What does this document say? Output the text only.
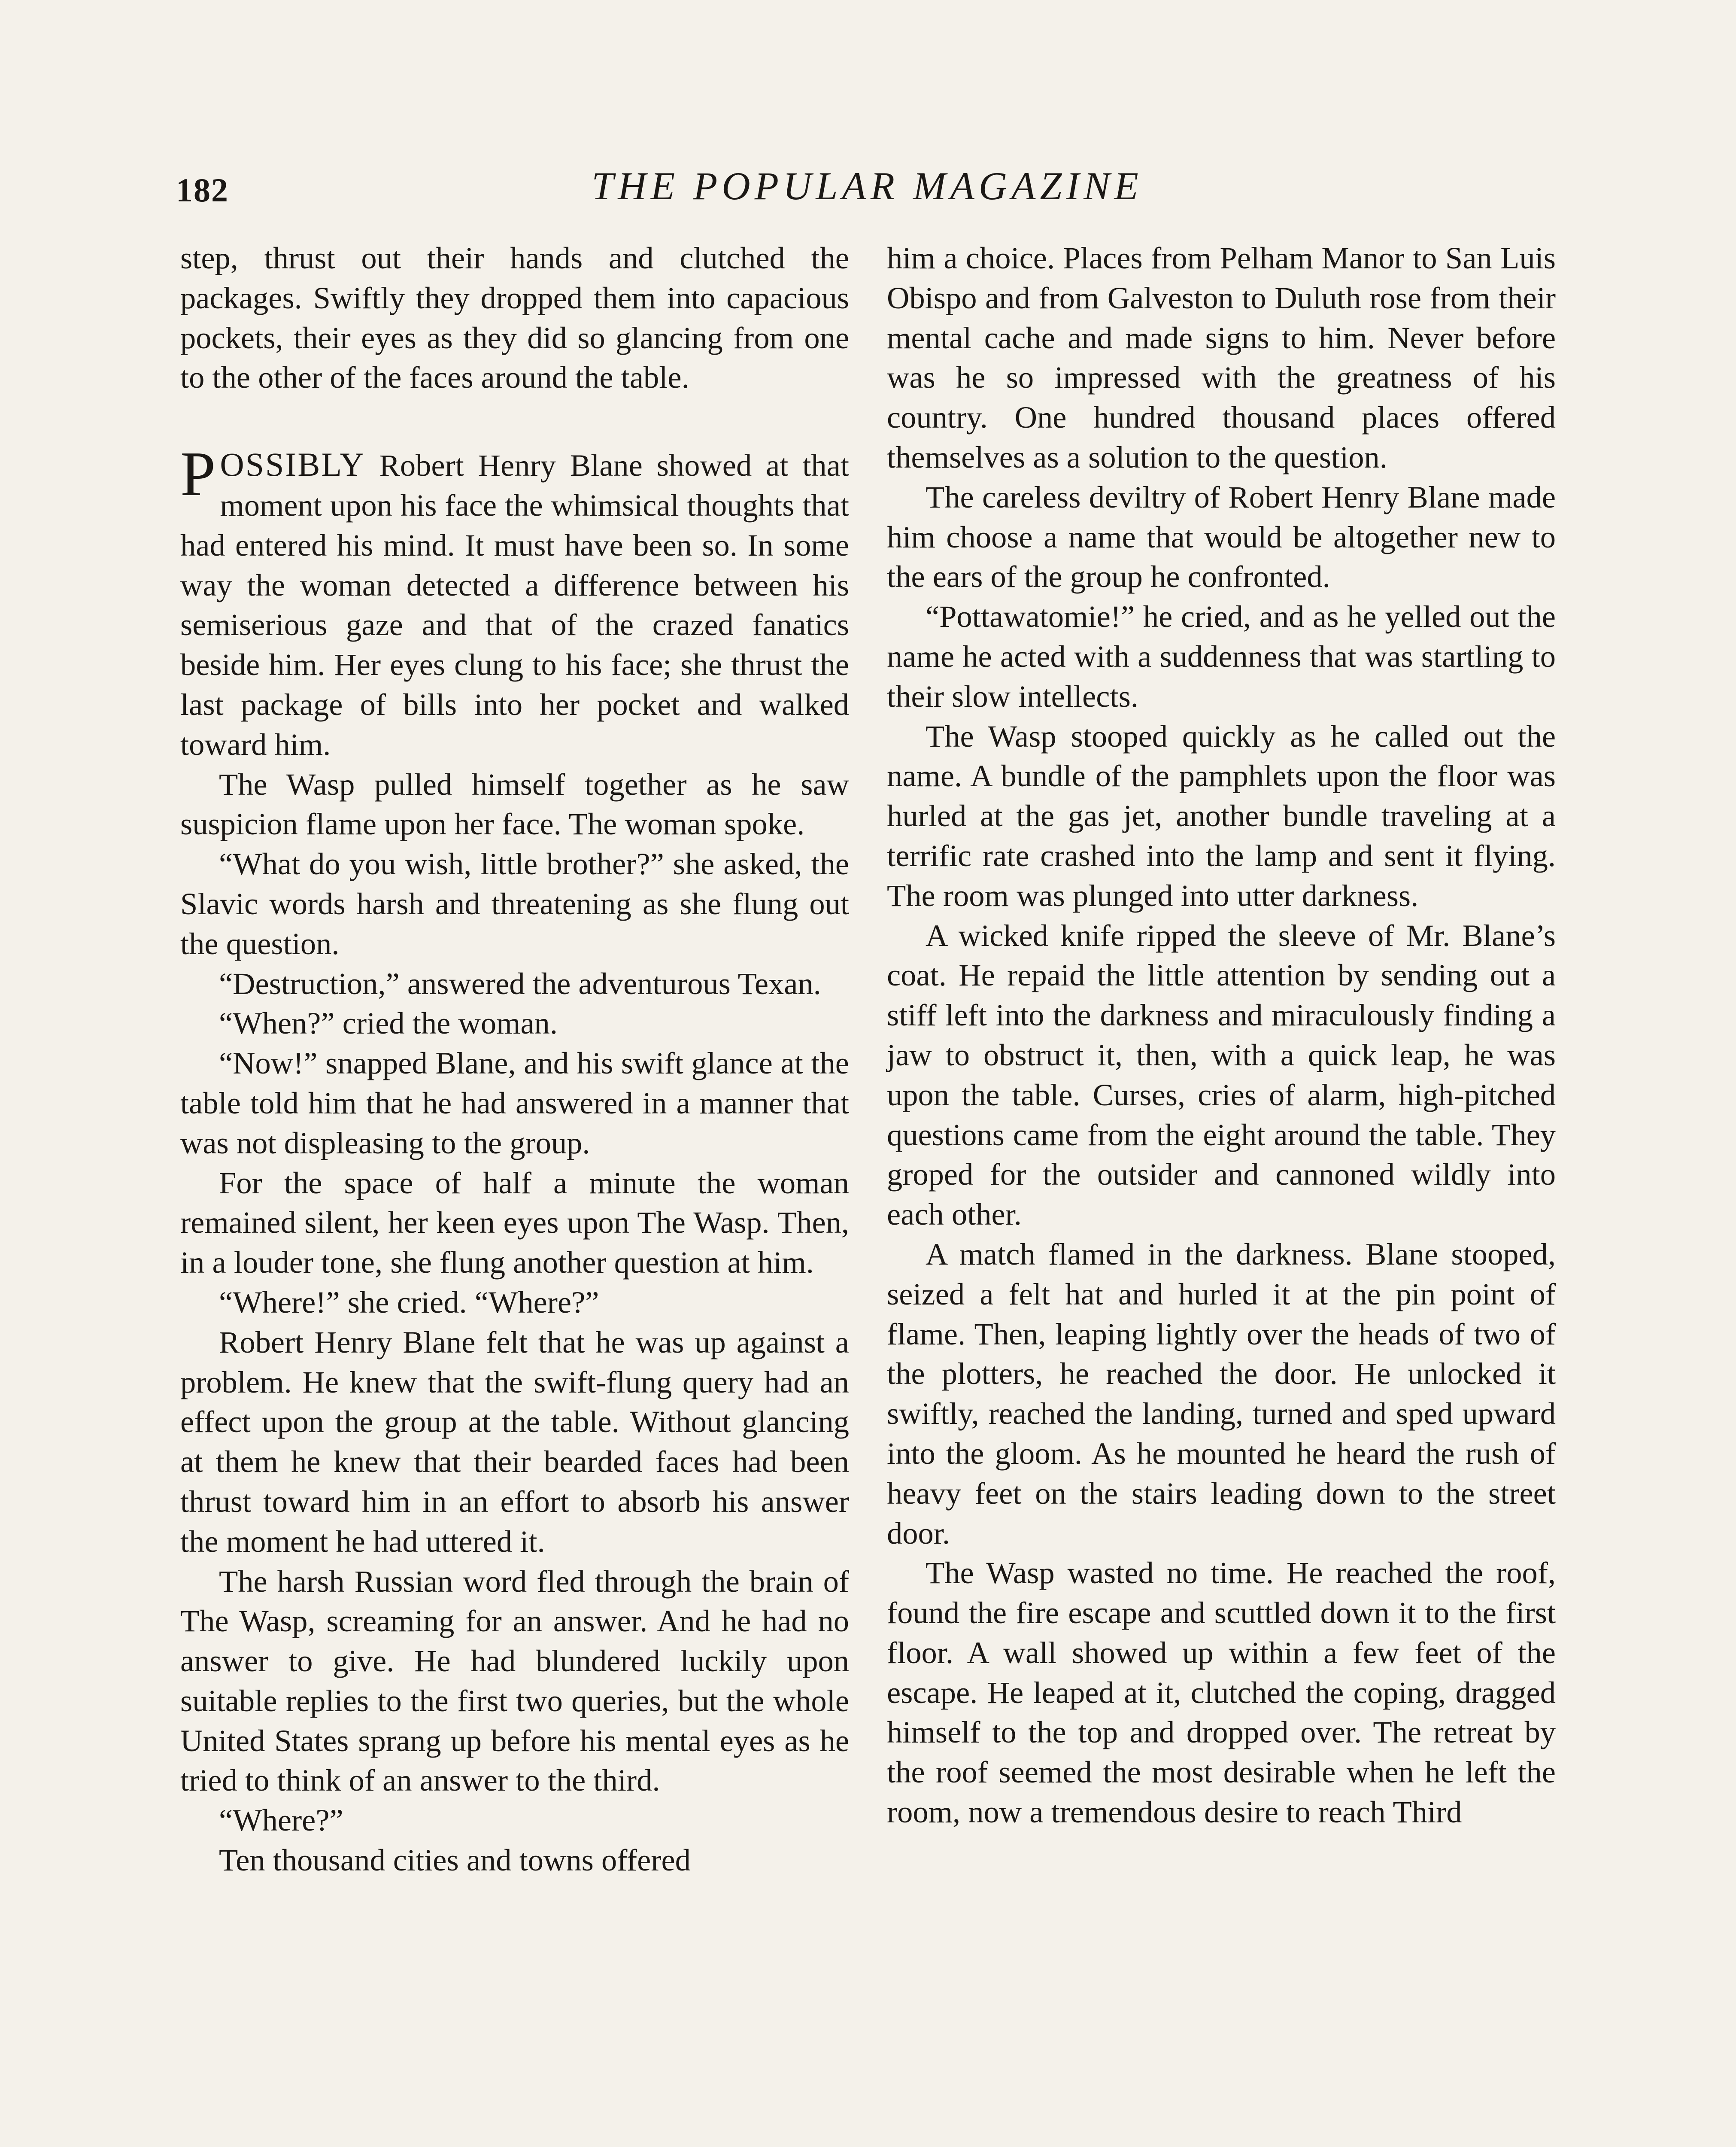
182	THE POPULAR MAGAZINE

step, thrust out their hands and clutched the packages. Swiftly they dropped them into capacious pockets, their eyes as they did so glancing from one to the other of the faces around the table.

POSSIBLY Robert Henry Blane showed at that moment upon his face the whimsical thoughts that had entered his mind. It must have been so. In some way the woman detected a difference between his semiserious gaze and that of the crazed fanatics beside him. Her eyes clung to his face; she thrust the last package of bills into her pocket and walked toward him.

The Wasp pulled himself together as he saw suspicion flame upon her face. The woman spoke.

“What do you wish, little brother?” she asked, the Slavic words harsh and threatening as she flung out the question.

“Destruction,” answered the adventurous Texan.

“When?” cried the woman.

“Now!” snapped Blane, and his swift glance at the table told him that he had answered in a manner that was not displeasing to the group.

For the space of half a minute the woman remained silent, her keen eyes upon The Wasp. Then, in a louder tone, she flung another question at him.

“Where!” she cried. “Where?”

Robert Henry Blane felt that he was up against a problem. He knew that the swift-flung query had an effect upon the group at the table. Without glancing at them he knew that their bearded faces had been thrust toward him in an effort to absorb his answer the moment he had uttered it.

The harsh Russian word fled through the brain of The Wasp, screaming for an answer. And he had no answer to give. He had blundered luckily upon suitable replies to the first two queries, but the whole United States sprang up before his mental eyes as he tried to think of an answer to the third.

“Where?”

Ten thousand cities and towns offered

him a choice. Places from Pelham Manor to San Luis Obispo and from Galveston to Duluth rose from their mental cache and made signs to him. Never before was he so impressed with the greatness of his country. One hundred thousand places offered themselves as a solution to the question.

The careless deviltry of Robert Henry Blane made him choose a name that would be altogether new to the ears of the group he confronted.

“Pottawatomie!” he cried, and as he yelled out the name he acted with a suddenness that was startling to their slow intellects.

The Wasp stooped quickly as he called out the name. A bundle of the pamphlets upon the floor was hurled at the gas jet, another bundle traveling at a terrific rate crashed into the lamp and sent it flying. The room was plunged into utter darkness.

A wicked knife ripped the sleeve of Mr. Blane’s coat. He repaid the little attention by sending out a stiff left into the darkness and miraculously finding a jaw to obstruct it, then, with a quick leap, he was upon the table. Curses, cries of alarm, high-pitched questions came from the eight around the table. They groped for the outsider and cannoned wildly into each other.

A match flamed in the darkness. Blane stooped, seized a felt hat and hurled it at the pin point of flame. Then, leaping lightly over the heads of two of the plotters, he reached the door. He unlocked it swiftly, reached the landing, turned and sped upward into the gloom. As he mounted he heard the rush of heavy feet on the stairs leading down to the street door.

The Wasp wasted no time. He reached the roof, found the fire escape and scuttled down it to the first floor. A wall showed up within a few feet of the escape. He leaped at it, clutched the coping, dragged himself to the top and dropped over. The retreat by the roof seemed the most desirable when he left the room, now a tremendous desire to reach Third
